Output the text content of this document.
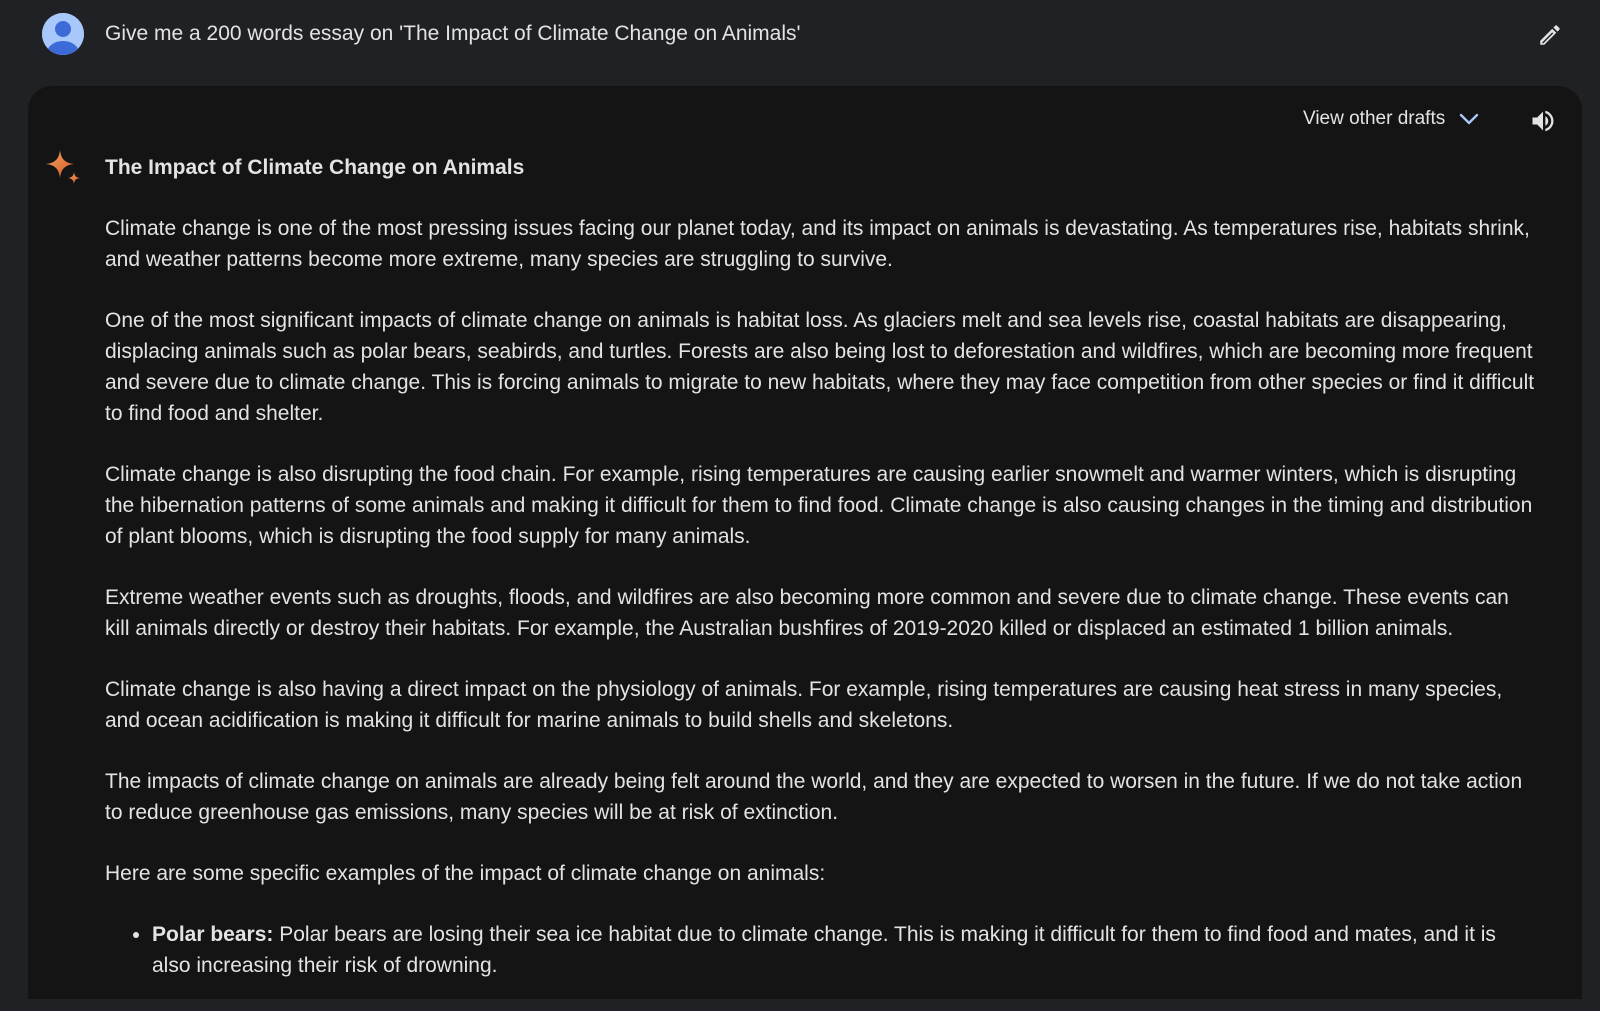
Give me a 200 words essay on 'The Impact of Climate Change on Animals'
View other drafts
The Impact of Climate Change on Animals

Climate change is one of the most pressing issues facing our planet today, and its impact on animals is devastating. As temperatures rise, habitats shrink, and weather patterns become more extreme, many species are struggling to survive.

One of the most significant impacts of climate change on animals is habitat loss. As glaciers melt and sea levels rise, coastal habitats are disappearing, displacing animals such as polar bears, seabirds, and turtles. Forests are also being lost to deforestation and wildfires, which are becoming more frequent and severe due to climate change. This is forcing animals to migrate to new habitats, where they may face competition from other species or find it difficult to find food and shelter.

Climate change is also disrupting the food chain. For example, rising temperatures are causing earlier snowmelt and warmer winters, which is disrupting the hibernation patterns of some animals and making it difficult for them to find food. Climate change is also causing changes in the timing and distribution of plant blooms, which is disrupting the food supply for many animals.

Extreme weather events such as droughts, floods, and wildfires are also becoming more common and severe due to climate change. These events can kill animals directly or destroy their habitats. For example, the Australian bushfires of 2019-2020 killed or displaced an estimated 1 billion animals.

Climate change is also having a direct impact on the physiology of animals. For example, rising temperatures are causing heat stress in many species, and ocean acidification is making it difficult for marine animals to build shells and skeletons.

The impacts of climate change on animals are already being felt around the world, and they are expected to worsen in the future. If we do not take action to reduce greenhouse gas emissions, many species will be at risk of extinction.

Here are some specific examples of the impact of climate change on animals:

• Polar bears: Polar bears are losing their sea ice habitat due to climate change. This is making it difficult for them to find food and mates, and it is also increasing their risk of drowning.
